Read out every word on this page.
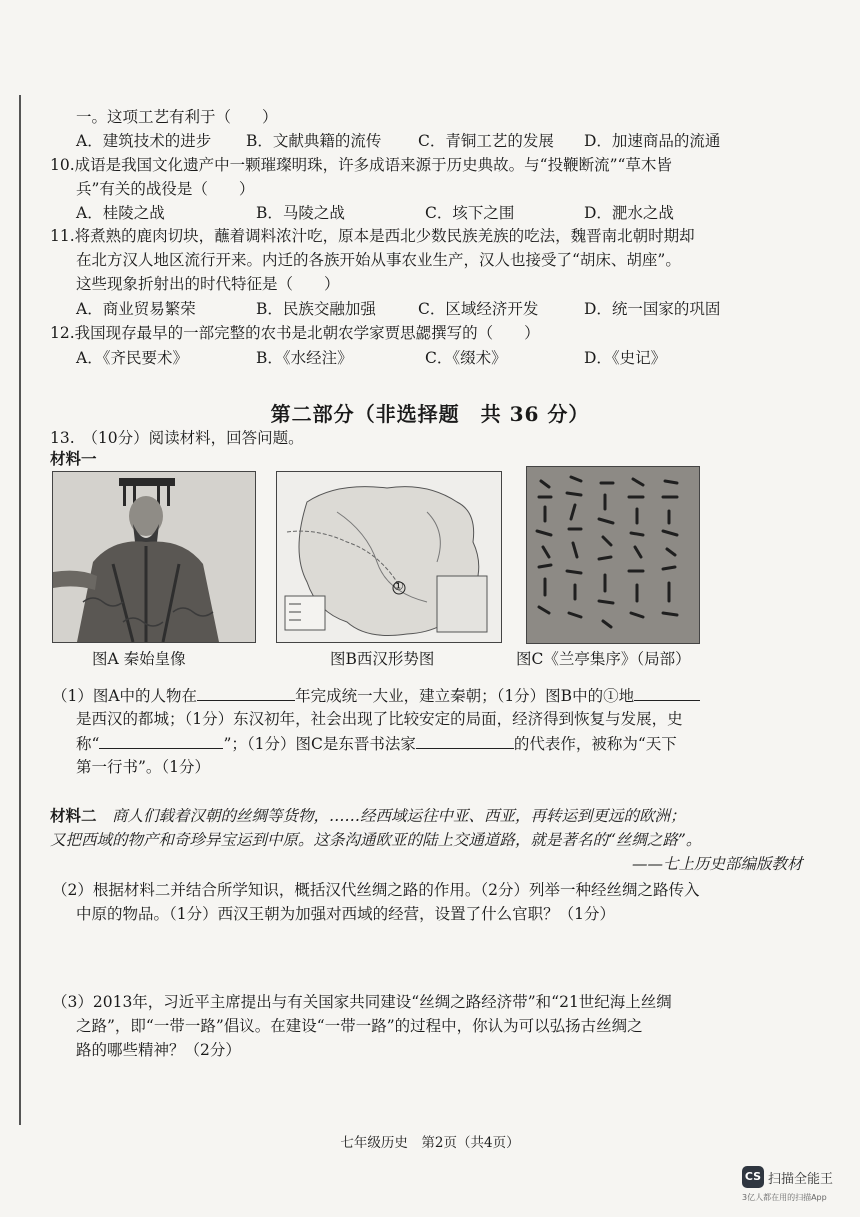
一。这项工艺有利于（　　）
A．建筑技术的进步 B．文献典籍的流传 C．青铜工艺的发展 D．加速商品的流通
10.成语是我国文化遗产中一颗璀璨明珠，许多成语来源于历史典故。与“投鞭断流”“草木皆
兵”有关的战役是（　　）
A．桂陵之战	B．马陵之战	C．垓下之围	D．淝水之战
11.将煮熟的鹿肉切块，蘸着调料浓汁吃，原本是西北少数民族羌族的吃法，魏晋南北朝时期却
在北方汉人地区流行开来。内迁的各族开始从事农业生产，汉人也接受了“胡床、胡座”。
这些现象折射出的时代特征是（　　）
A．商业贸易繁荣	B．民族交融加强	C．区域经济开发	D．统一国家的巩固
12.我国现存最早的一部完整的农书是北朝农学家贾思勰撰写的（　　）
A．《齐民要术》	B．《水经注》	C．《缀术》	D．《史记》
第二部分（非选择题　共 36 分）
13.　（10分）阅读材料，回答问题。
材料一
图A 秦始皇像
①
图B西汉形势图	图C《兰亭集序》（局部）
（1）图A中的人物在	年完成统一大业，建立秦朝；（1分）图B中的①地
是西汉的都城；（1分）东汉初年，社会出现了比较安定的局面，经济得到恢复与发展，史
称“	”；（1分）图C是东晋书法家	的代表作，被称为“天下
第一行书”。（1分）
材料二　商人们载着汉朝的丝绸等货物，……经西域运往中亚、西亚，再转运到更远的欧洲；
又把西域的物产和奇珍异宝运到中原。这条沟通欧亚的陆上交通道路，就是著名的“丝绸之路”。
——七上历史部编版教材
（2）根据材料二并结合所学知识，概括汉代丝绸之路的作用。（2分）列举一种经丝绸之路传入
中原的物品。（1分）西汉王朝为加强对西域的经营，设置了什么官职？（1分）
（3）2013年，习近平主席提出与有关国家共同建设“丝绸之路经济带”和“21世纪海上丝绸
之路”，即“一带一路”倡议。在建设“一带一路”的过程中，你认为可以弘扬古丝绸之
路的哪些精神？（2分）
七年级历史　第2页（共4页）
CS 扫描全能王
3亿人都在用的扫描App
